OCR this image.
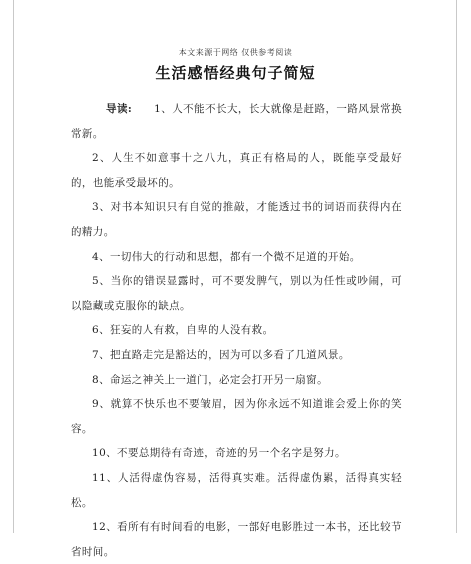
本文来源于网络 仅供参考阅读
生活感悟经典句子简短

导读: 1、人不能不长大，长大就像是赶路，一路风景常换常新。

2、人生不如意事十之八九，真正有格局的人，既能享受最好的，也能承受最坏的。

3、对书本知识只有自觉的推敲，才能透过书的词语而获得内在的精力。

4、一切伟大的行动和思想，都有一个微不足道的开始。

5、当你的错误显露时，可不要发脾气，别以为任性或吵闹，可以隐藏或克服你的缺点。

6、狂妄的人有救，自卑的人没有救。

7、把直路走完是豁达的，因为可以多看了几道风景。

8、命运之神关上一道门，必定会打开另一扇窗。

9、就算不快乐也不要皱眉，因为你永远不知道谁会爱上你的笑容。

10、不要总期待有奇迹，奇迹的另一个名字是努力。

11、人活得虚伪容易，活得真实难。活得虚伪累，活得真实轻松。

12、看所有有时间看的电影，一部好电影胜过一本书，还比较节省时间。
